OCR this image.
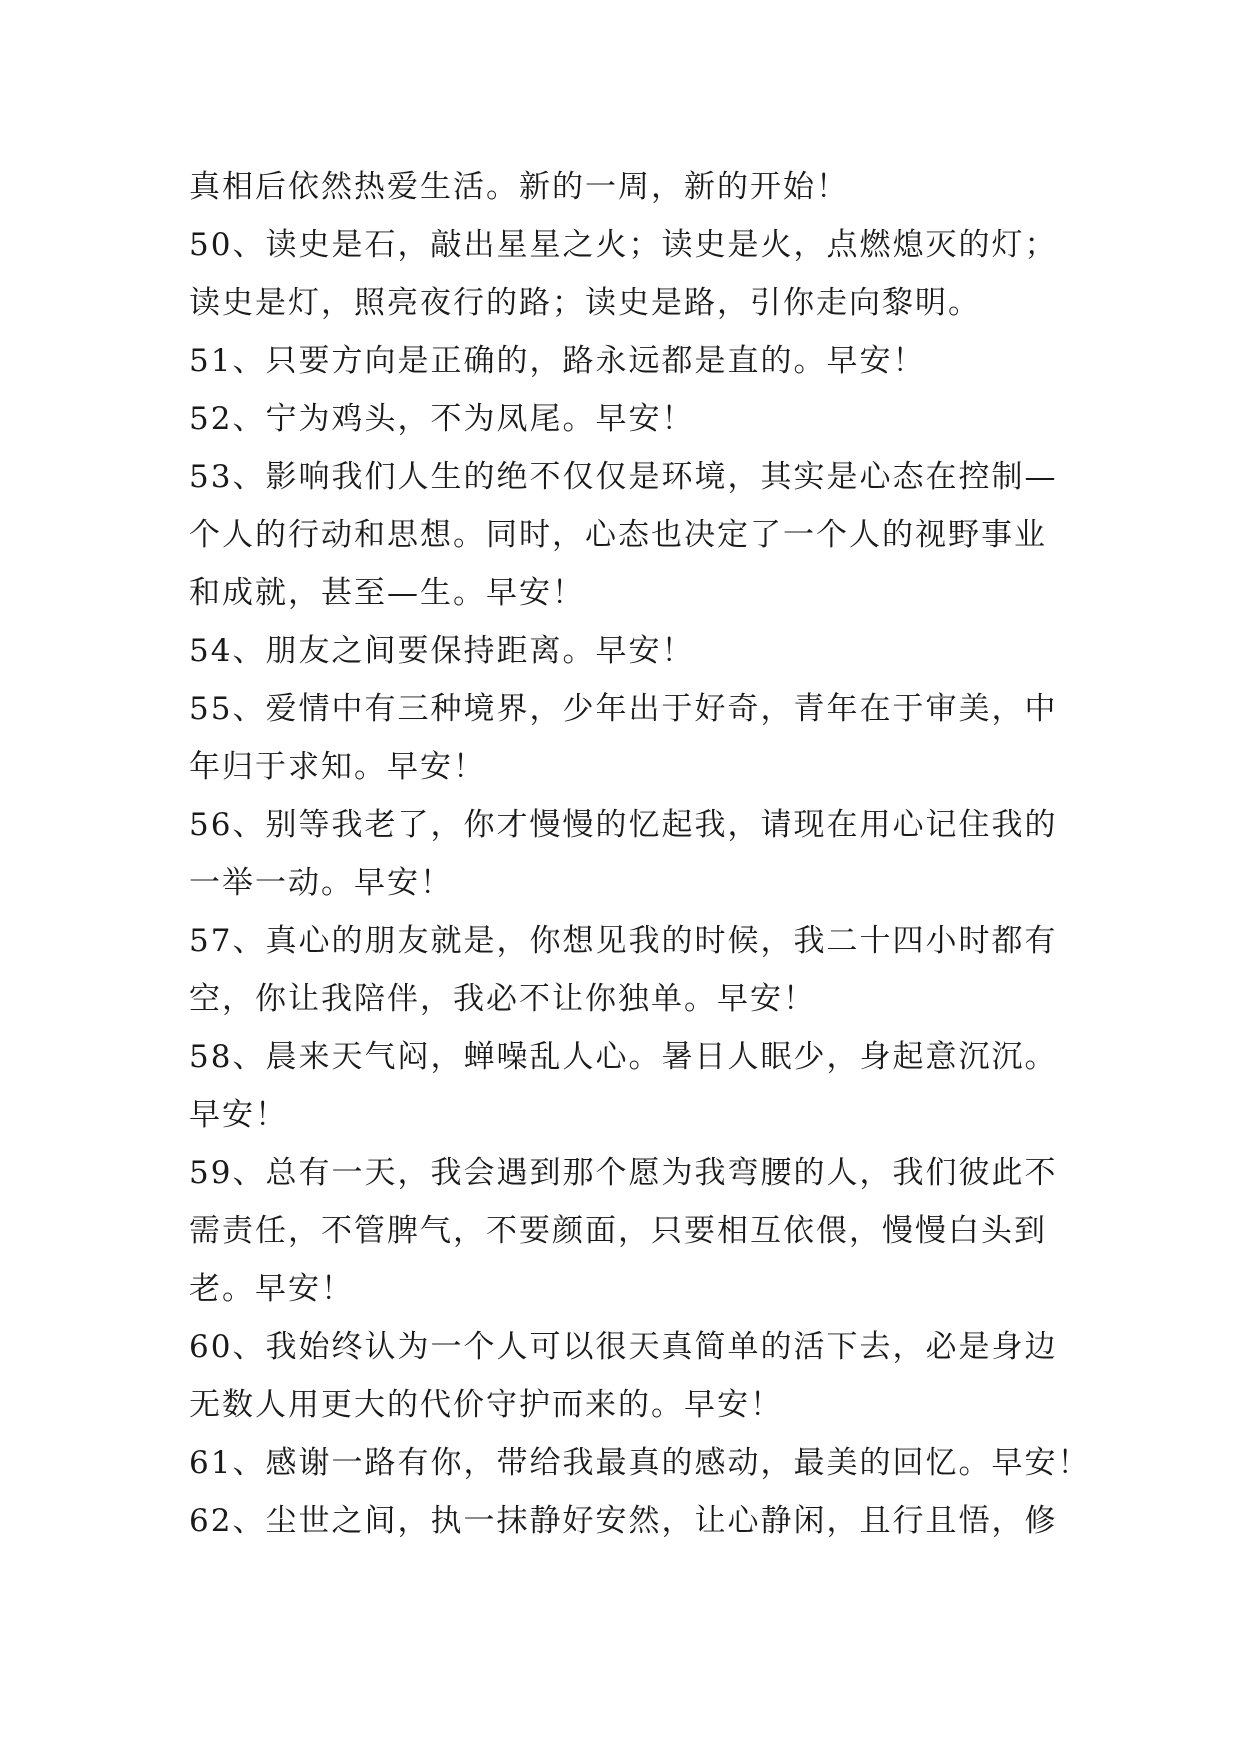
真相后依然热爱生活。新的一周，新的开始！
50、读史是石，敲出星星之火；读史是火，点燃熄灭的灯；
读史是灯，照亮夜行的路；读史是路，引你走向黎明。
51、只要方向是正确的，路永远都是直的。早安！
52、宁为鸡头，不为凤尾。早安！
53、影响我们人生的绝不仅仅是环境，其实是心态在控制—
个人的行动和思想。同时，心态也决定了一个人的视野事业
和成就，甚至—生。早安！
54、朋友之间要保持距离。早安！
55、爱情中有三种境界，少年出于好奇，青年在于审美，中
年归于求知。早安！
56、别等我老了，你才慢慢的忆起我，请现在用心记住我的
一举一动。早安！
57、真心的朋友就是，你想见我的时候，我二十四小时都有
空，你让我陪伴，我必不让你独单。早安！
58、晨来天气闷，蝉噪乱人心。暑日人眠少，身起意沉沉。
早安！
59、总有一天，我会遇到那个愿为我弯腰的人，我们彼此不
需责任，不管脾气，不要颜面，只要相互依偎，慢慢白头到
老。早安！
60、我始终认为一个人可以很天真简单的活下去，必是身边
无数人用更大的代价守护而来的。早安！
61、感谢一路有你，带给我最真的感动，最美的回忆。早安！
62、尘世之间，执一抹静好安然，让心静闲，且行且悟，修
